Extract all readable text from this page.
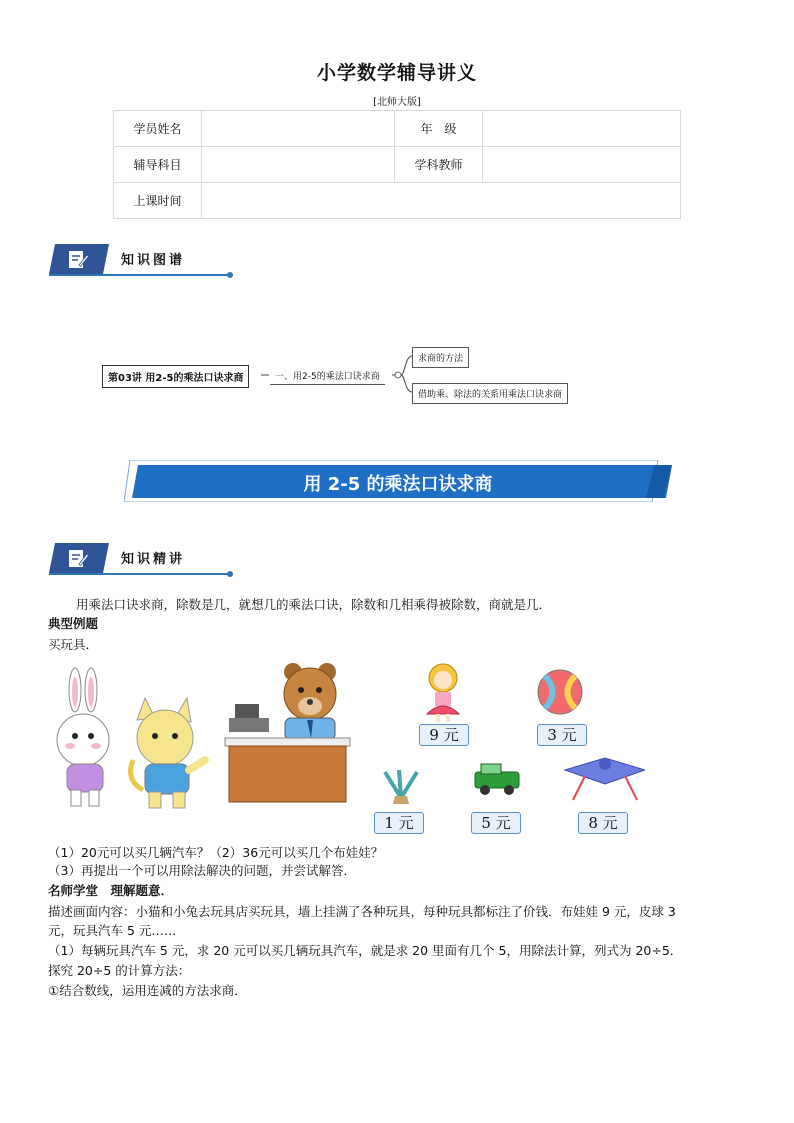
小学数学辅导讲义
[北师大版]
学员姓名		年　级	
辅导科目		学科教师	
上课时间			
知识图谱
第03讲 用2-5的乘法口诀求商	一、用2-5的乘法口诀求商
求商的方法
借助乘、除法的关系用乘法口诀求商
用 2-5 的乘法口诀求商
知识精讲
用乘法口诀求商，除数是几，就想几的乘法口诀，除数和几相乘得被除数，商就是几．
典型例题
买玩具．
9 元	3 元
1 元	5 元	8 元
（1）20元可以买几辆汽车？（2）36元可以买几个布娃娃？
（3）再提出一个可以用除法解决的问题，并尝试解答．
名师学堂　理解题意．
描述画面内容：小猫和小兔去玩具店买玩具，墙上挂满了各种玩具，每种玩具都标注了价钱．布娃娃 9 元，皮球 3
元，玩具汽车 5 元……
（1）每辆玩具汽车 5 元，求 20 元可以买几辆玩具汽车，就是求 20 里面有几个 5，用除法计算，列式为 20÷5．
探究 20÷5 的计算方法：
①结合数线，运用连减的方法求商．
